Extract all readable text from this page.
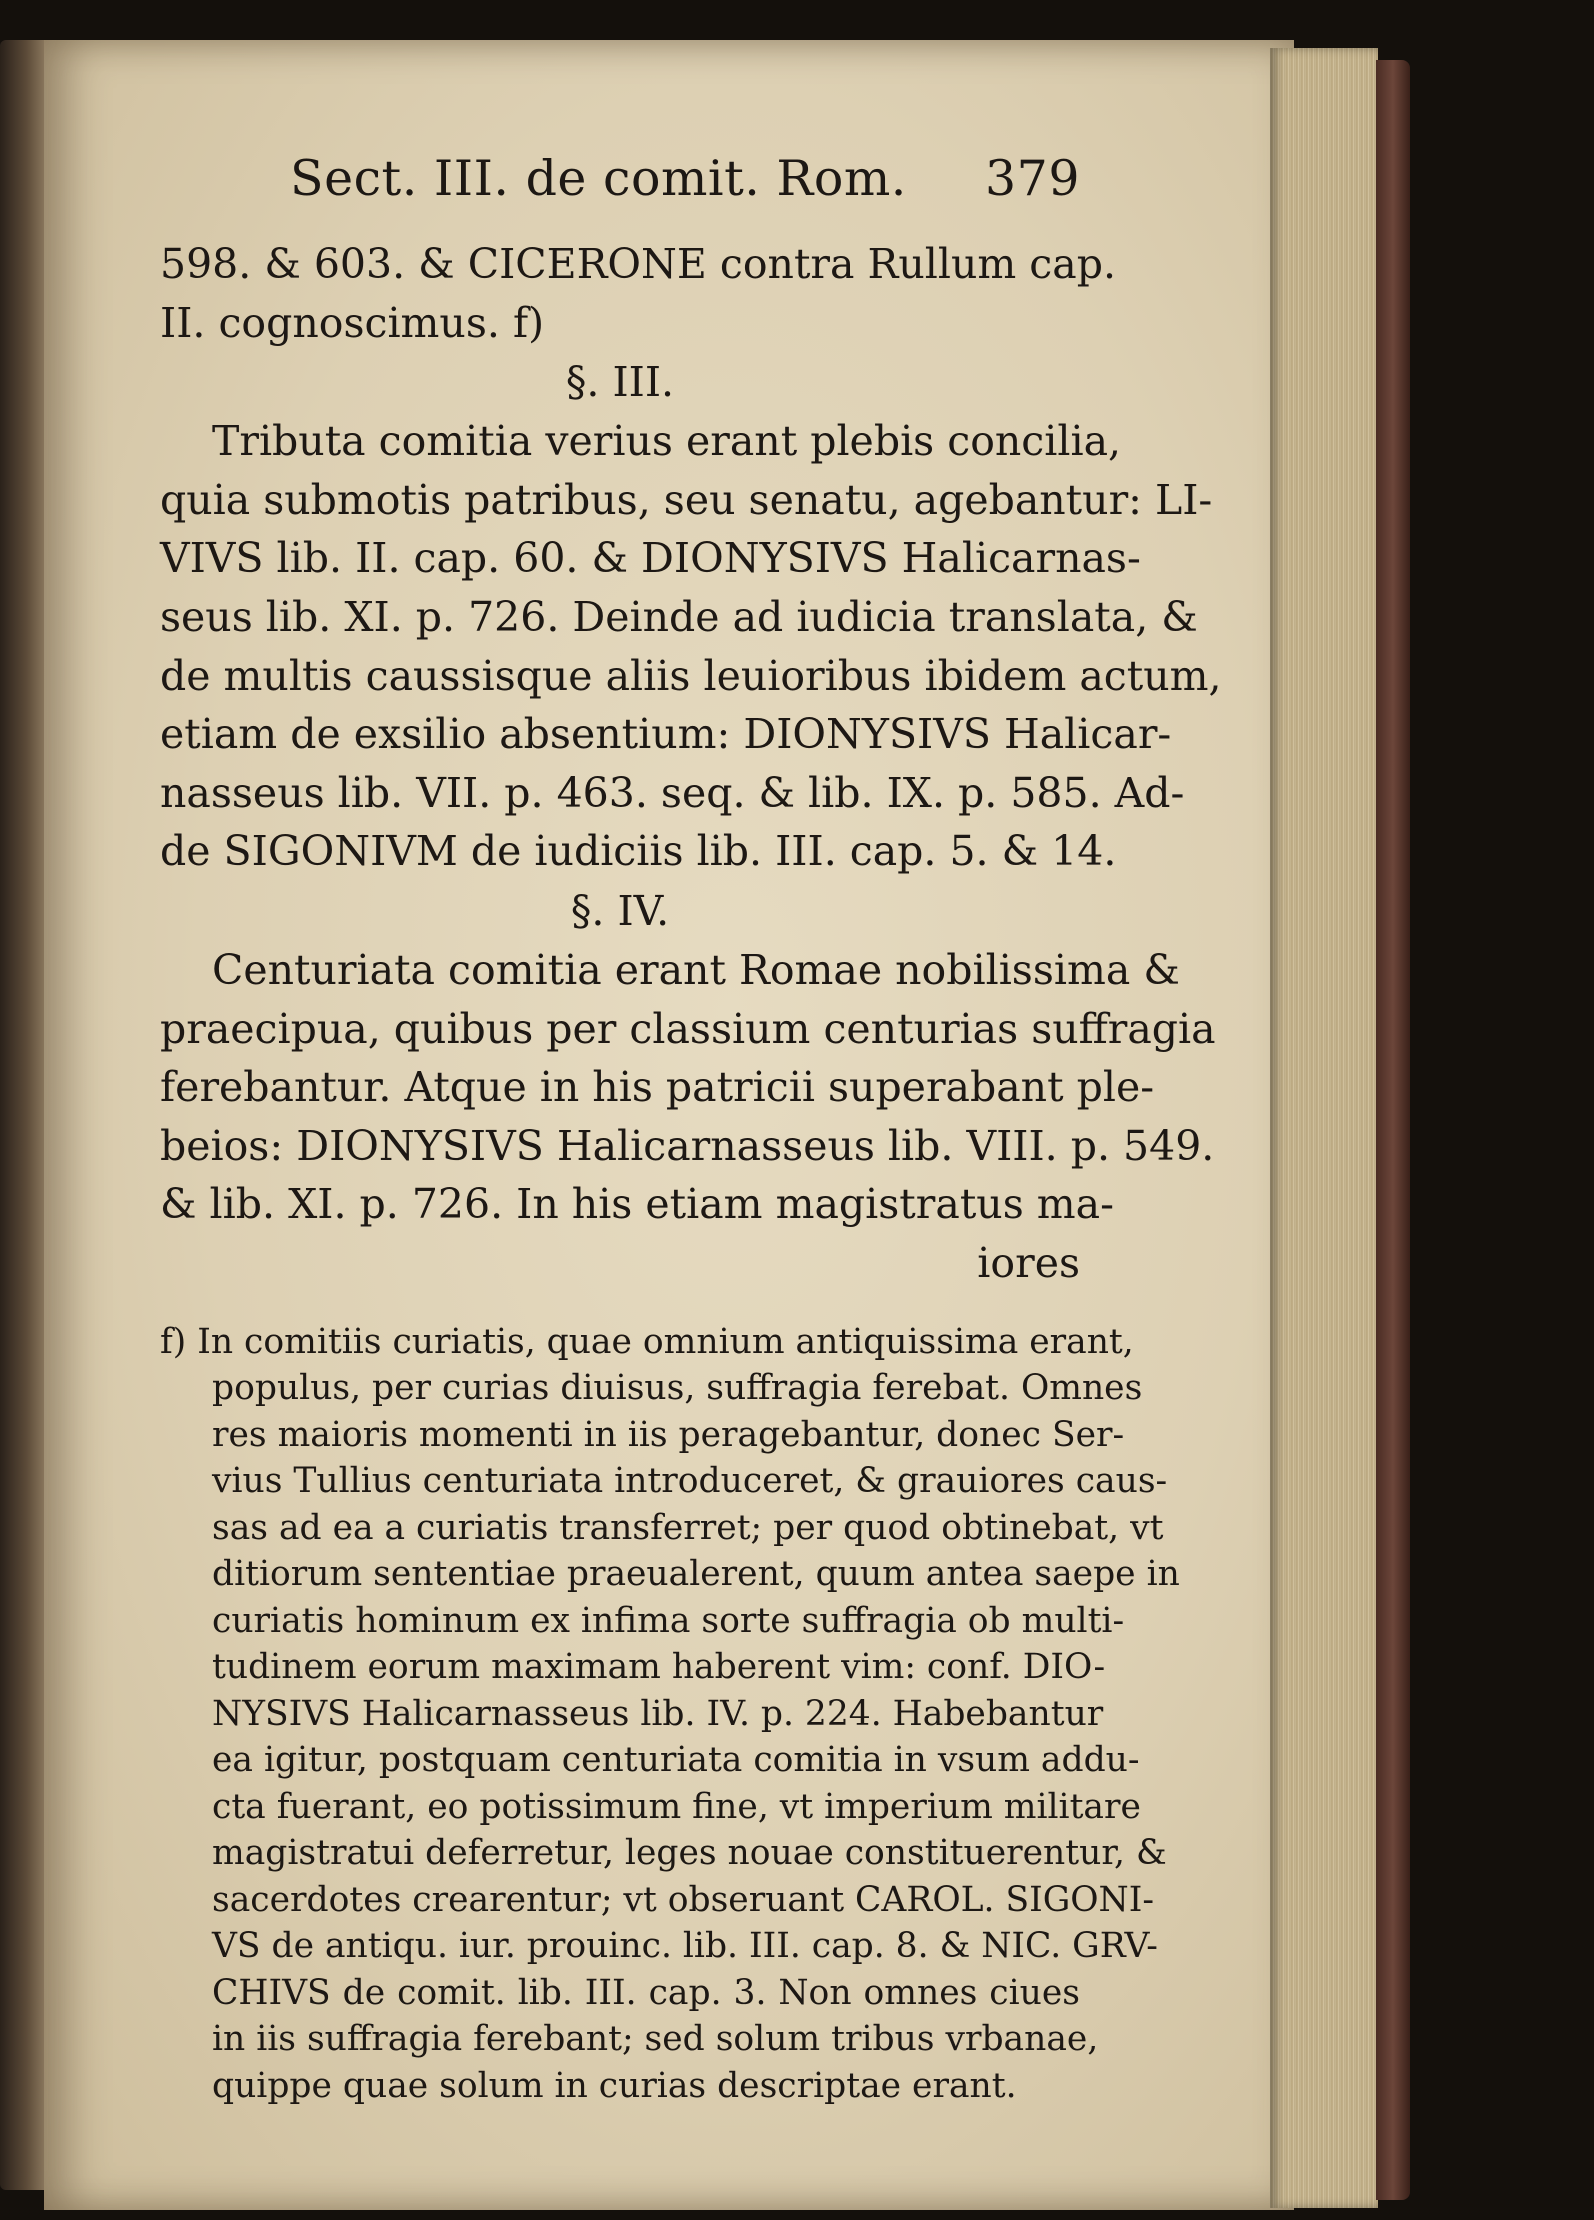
Sect. III. de comit. Rom. 379
598. & 603. & CICERONE contra Rullum cap.
II. cognoscimus. f)
§. III.
Tributa comitia verius erant plebis concilia,
quia submotis patribus, seu senatu, agebantur: LI-
VIVS lib. II. cap. 60. & DIONYSIVS Halicarnas-
seus lib. XI. p. 726. Deinde ad iudicia translata, &
de multis caussisque aliis leuioribus ibidem actum,
etiam de exsilio absentium: DIONYSIVS Halicar-
nasseus lib. VII. p. 463. seq. & lib. IX. p. 585. Ad-
de SIGONIVM de iudiciis lib. III. cap. 5. & 14.
§. IV.
Centuriata comitia erant Romae nobilissima &
praecipua, quibus per classium centurias suffragia
ferebantur. Atque in his patricii superabant ple-
beios: DIONYSIVS Halicarnasseus lib. VIII. p. 549.
& lib. XI. p. 726. In his etiam magistratus ma-
iores
f) In comitiis curiatis, quae omnium antiquissima erant,
populus, per curias diuisus, suffragia ferebat. Omnes
res maioris momenti in iis peragebantur, donec Ser-
vius Tullius centuriata introduceret, & grauiores caus-
sas ad ea a curiatis transferret; per quod obtinebat, vt
ditiorum sententiae praeualerent, quum antea saepe in
curiatis hominum ex infima sorte suffragia ob multi-
tudinem eorum maximam haberent vim: conf. DIO-
NYSIVS Halicarnasseus lib. IV. p. 224. Habebantur
ea igitur, postquam centuriata comitia in vsum addu-
cta fuerant, eo potissimum fine, vt imperium militare
magistratui deferretur, leges nouae constituerentur, &
sacerdotes crearentur; vt obseruant CAROL. SIGONI-
VS de antiqu. iur. prouinc. lib. III. cap. 8. & NIC. GRV-
CHIVS de comit. lib. III. cap. 3. Non omnes ciues
in iis suffragia ferebant; sed solum tribus vrbanae,
quippe quae solum in curias descriptae erant.
